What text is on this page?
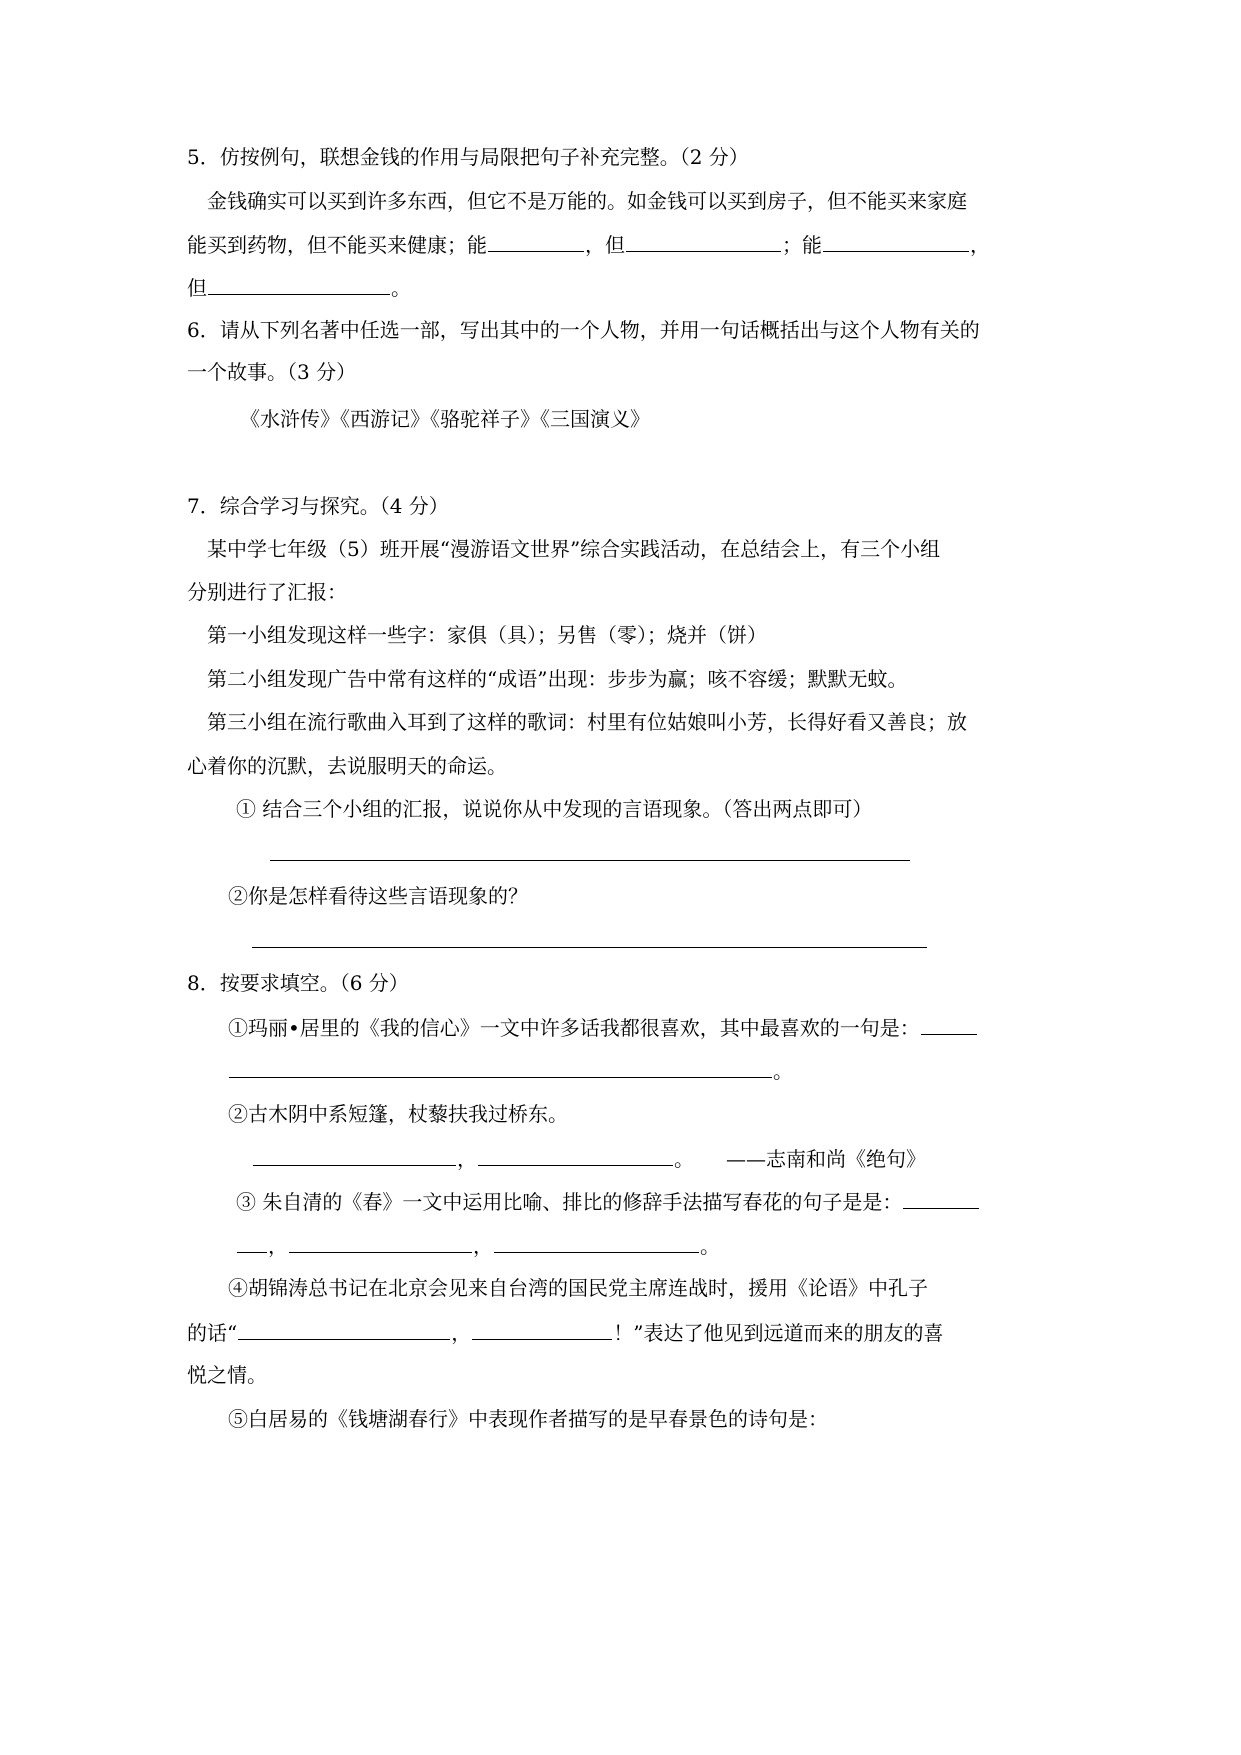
5．仿按例句，联想金钱的作用与局限把句子补充完整。（2 分）
金钱确实可以买到许多东西，但它不是万能的。如金钱可以买到房子，但不能买来家庭
能买到药物，但不能买来健康；能	，但	；能	，
但	。
6．请从下列名著中任选一部，写出其中的一个人物，并用一句话概括出与这个人物有关的
一个故事。（3 分）
《水浒传》《西游记》《骆驼祥子》《三国演义》
7．综合学习与探究。（4 分）
某中学七年级（5）班开展“漫游语文世界”综合实践活动，在总结会上，有三个小组
分别进行了汇报：
第一小组发现这样一些字：家俱（具）；另售（零）；烧并（饼）
第二小组发现广告中常有这样的“成语”出现：步步为赢；咳不容缓；默默无蚊。
第三小组在流行歌曲入耳到了这样的歌词：村里有位姑娘叫小芳，长得好看又善良；放
心着你的沉默，去说服明天的命运。
① 结合三个小组的汇报，说说你从中发现的言语现象。（答出两点即可）
②你是怎样看待这些言语现象的？
8．按要求填空。（6 分）
①玛丽•居里的《我的信心》一文中许多话我都很喜欢，其中最喜欢的一句是：
。
②古木阴中系短篷，杖藜扶我过桥东。
，	。 ——志南和尚《绝句》
③ 朱自清的《春》一文中运用比喻、排比的修辞手法描写春花的句子是是：
，	，	。
④胡锦涛总书记在北京会见来自台湾的国民党主席连战时，援用《论语》中孔子
的话“	，	！”表达了他见到远道而来的朋友的喜
悦之情。
⑤白居易的《钱塘湖春行》中表现作者描写的是早春景色的诗句是：
